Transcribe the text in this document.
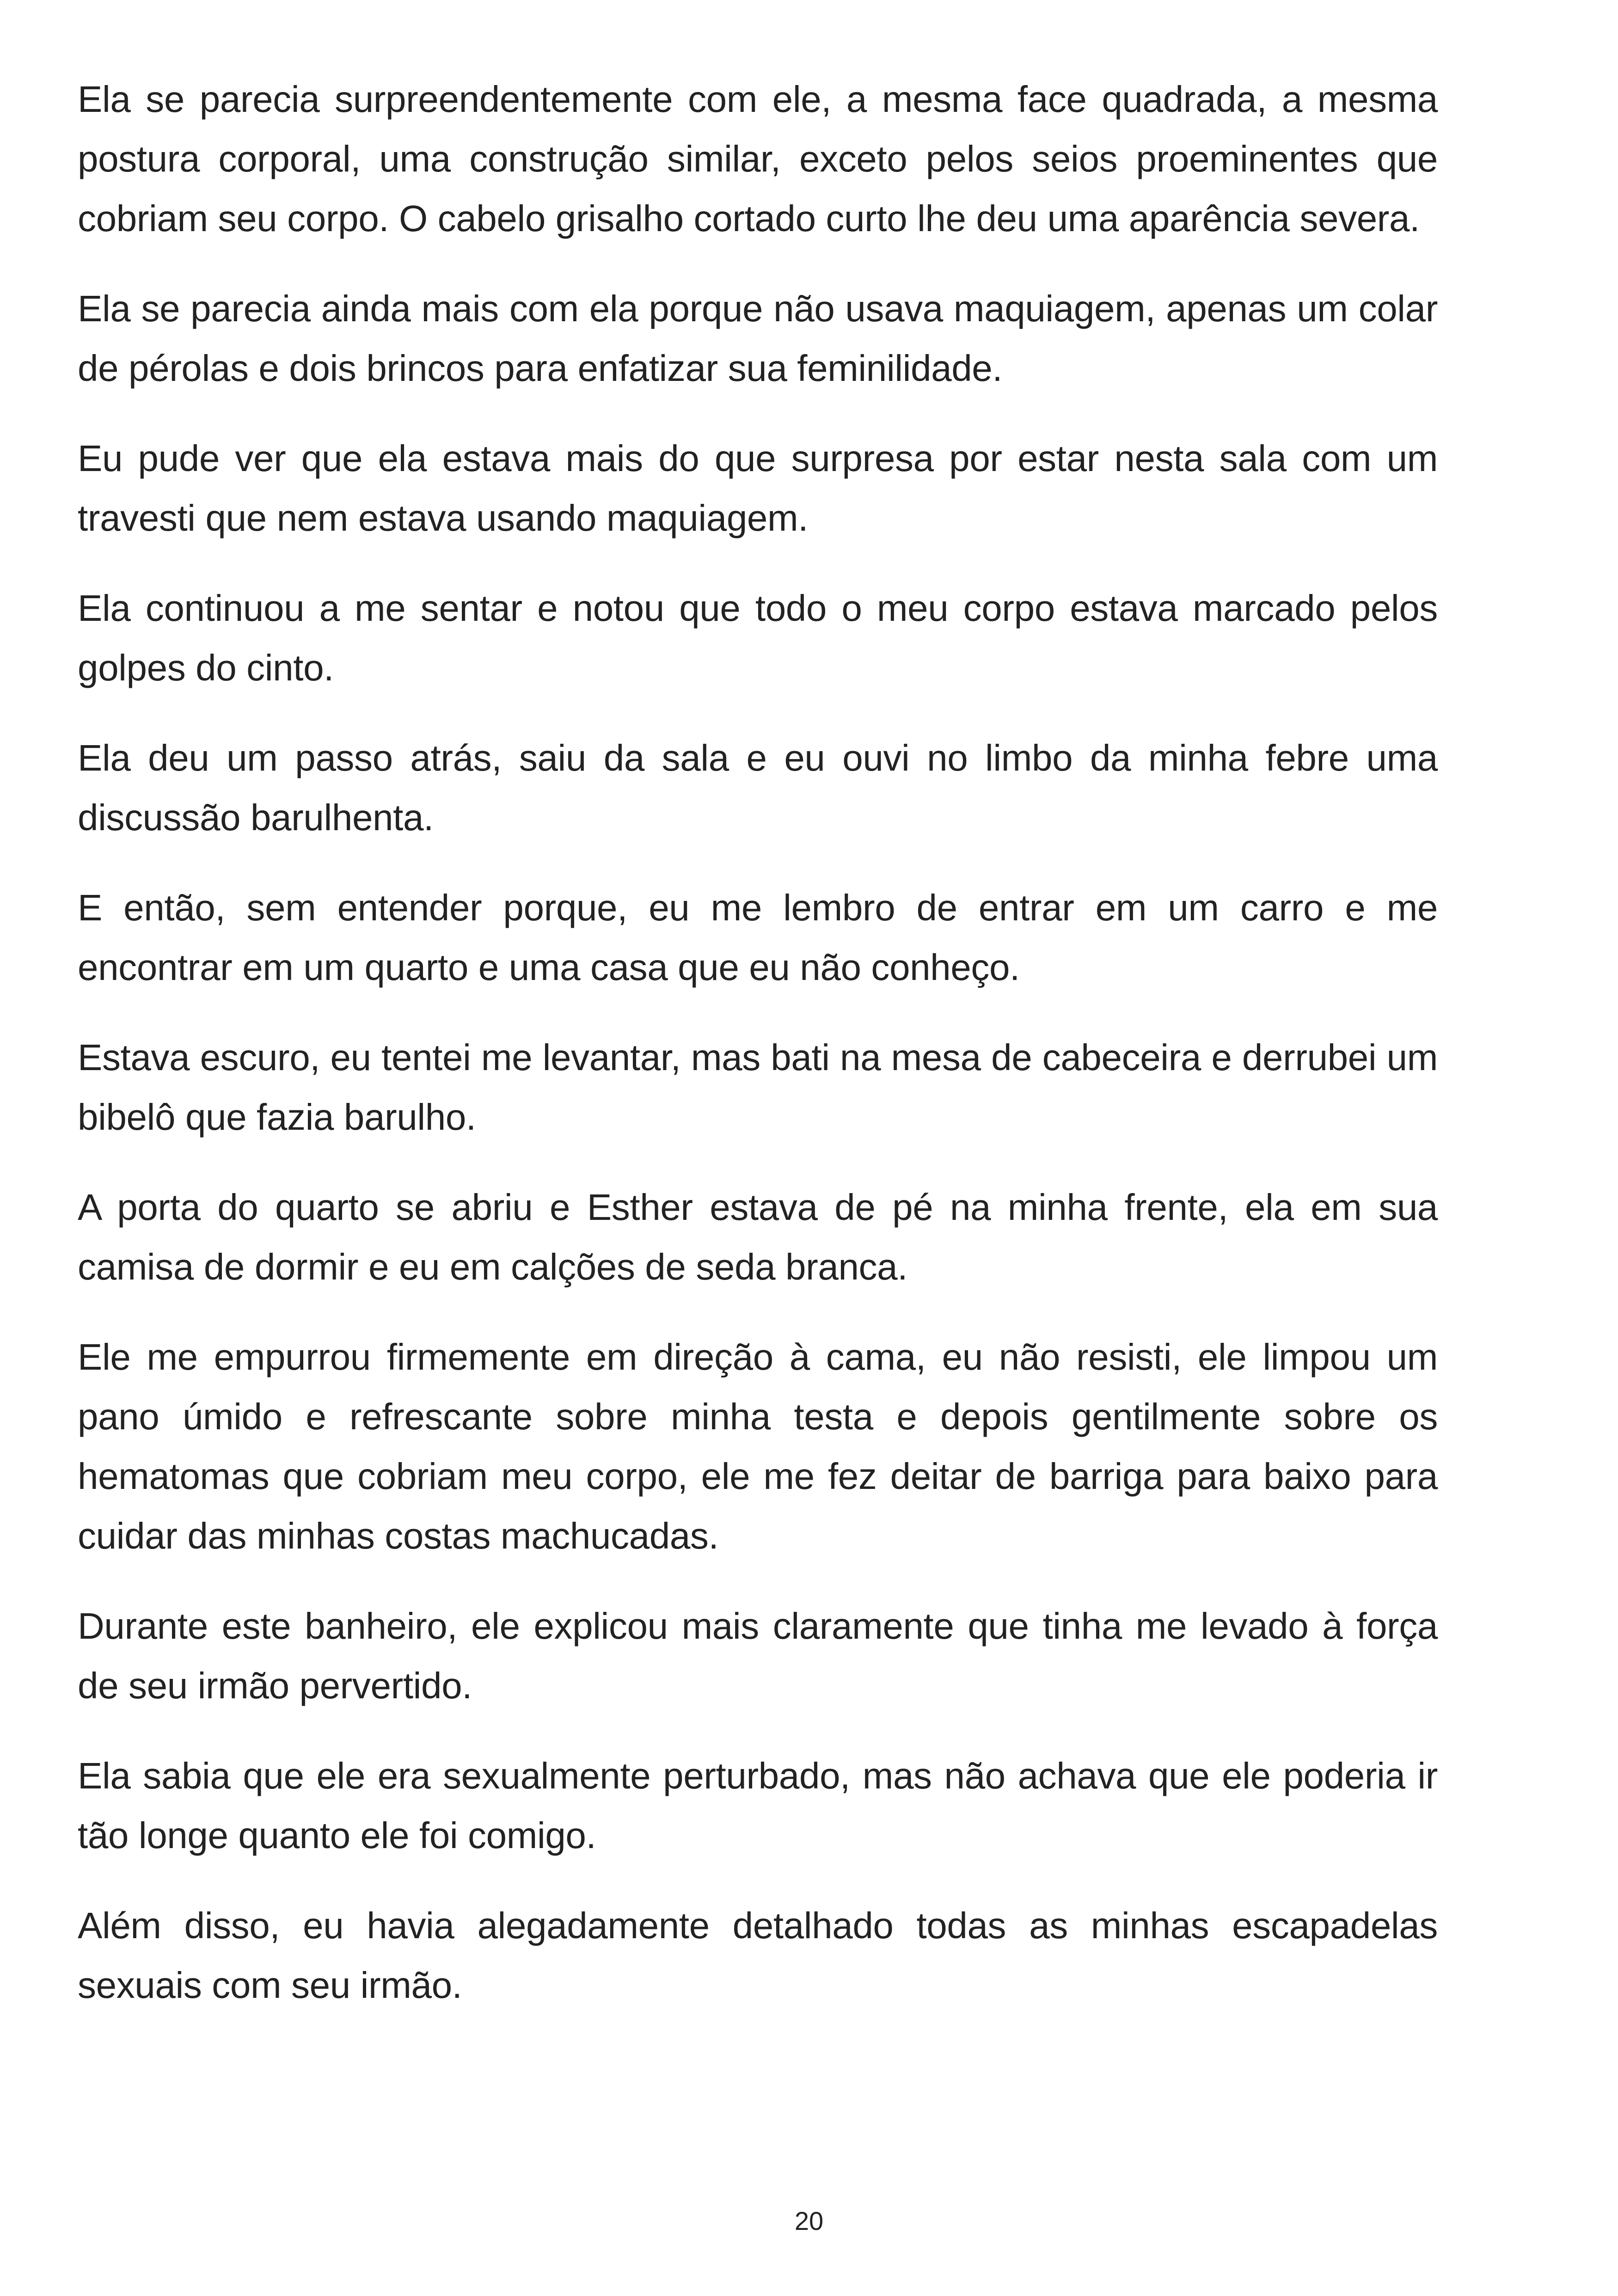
Ela se parecia surpreendentemente com ele, a mesma face quadrada, a mesma postura corporal, uma construção similar, exceto pelos seios proeminentes que cobriam seu corpo. O cabelo grisalho cortado curto lhe deu uma aparência severa.

Ela se parecia ainda mais com ela porque não usava maquiagem, apenas um colar de pérolas e dois brincos para enfatizar sua feminilidade.

Eu pude ver que ela estava mais do que surpresa por estar nesta sala com um travesti que nem estava usando maquiagem.

Ela continuou a me sentar e notou que todo o meu corpo estava marcado pelos golpes do cinto.

Ela deu um passo atrás, saiu da sala e eu ouvi no limbo da minha febre uma discussão barulhenta.

E então, sem entender porque, eu me lembro de entrar em um carro e me encontrar em um quarto e uma casa que eu não conheço.

Estava escuro, eu tentei me levantar, mas bati na mesa de cabeceira e derrubei um bibelô que fazia barulho.

A porta do quarto se abriu e Esther estava de pé na minha frente, ela em sua camisa de dormir e eu em calções de seda branca.

Ele me empurrou firmemente em direção à cama, eu não resisti, ele limpou um pano úmido e refrescante sobre minha testa e depois gentilmente sobre os hematomas que cobriam meu corpo, ele me fez deitar de barriga para baixo para cuidar das minhas costas machucadas.

Durante este banheiro, ele explicou mais claramente que tinha me levado à força de seu irmão pervertido.

Ela sabia que ele era sexualmente perturbado, mas não achava que ele poderia ir tão longe quanto ele foi comigo.

Além disso, eu havia alegadamente detalhado todas as minhas escapadelas sexuais com seu irmão.

20
